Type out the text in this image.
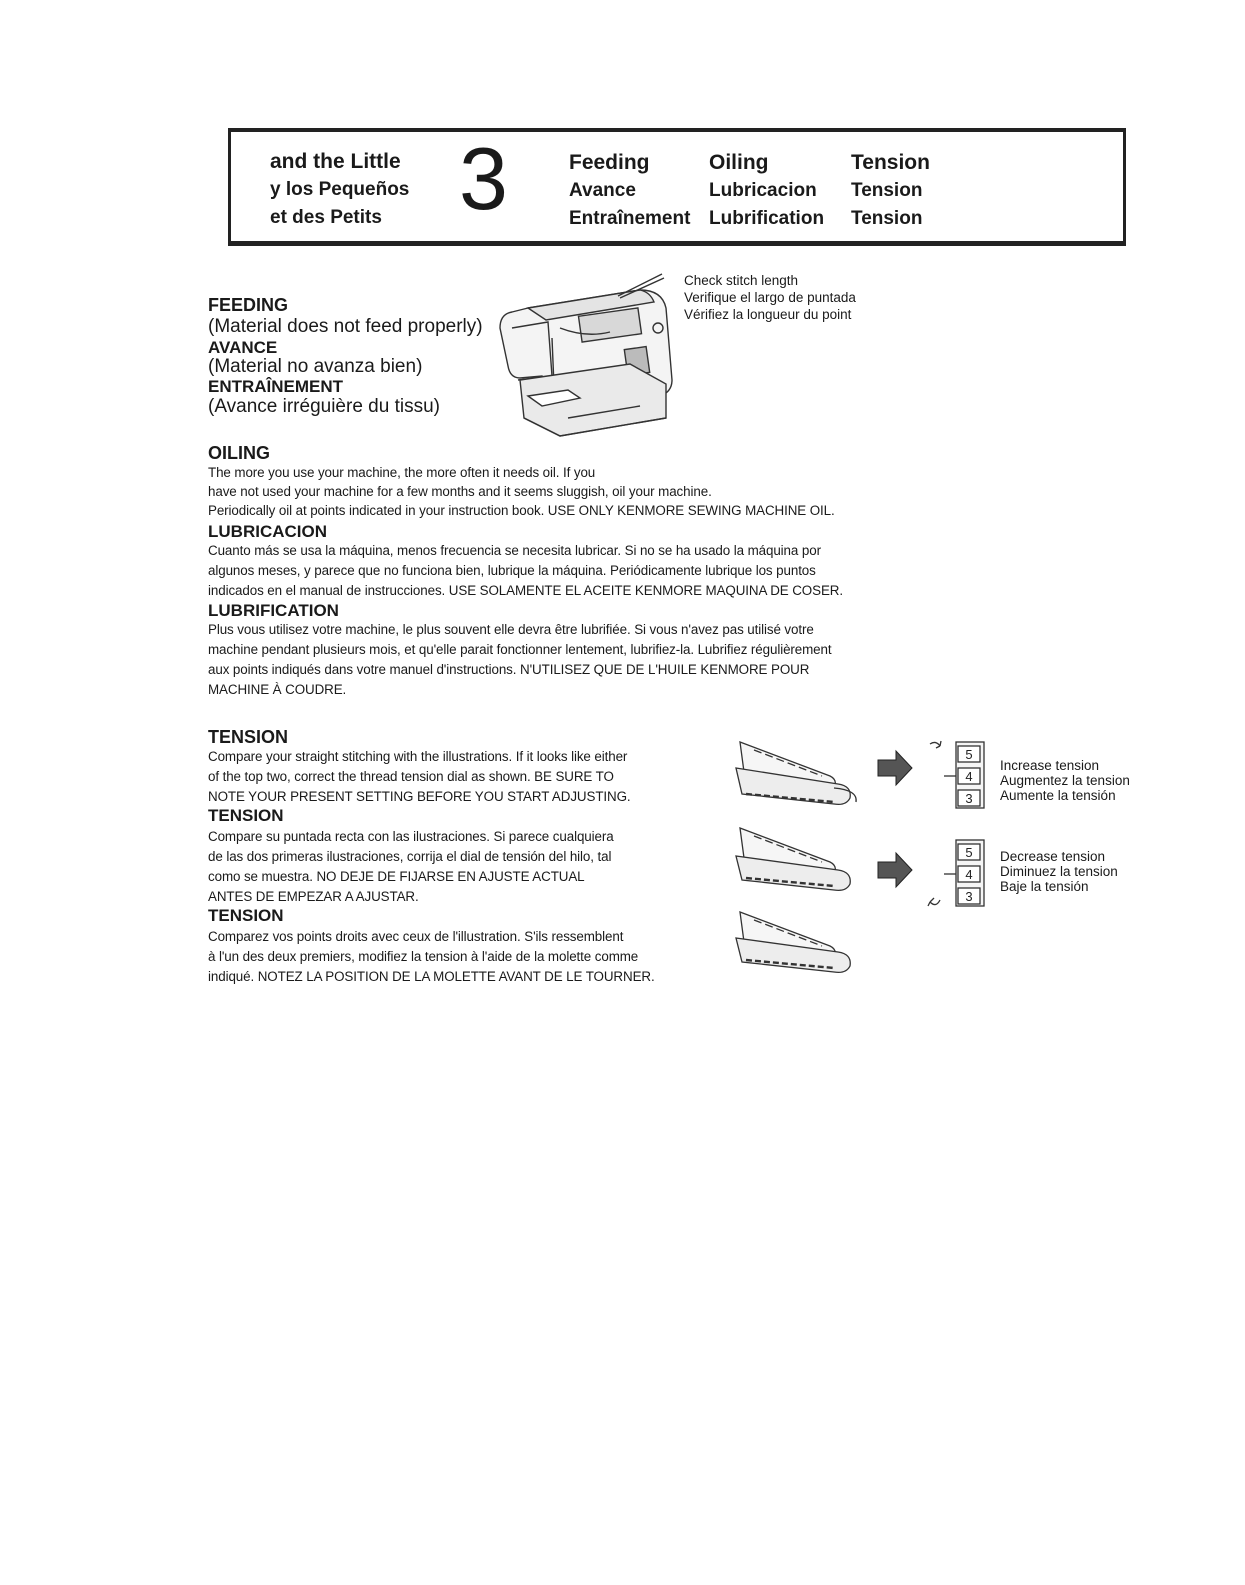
and the Little
y los Pequeños
et des Petits 3	Feeding
Avance
Entraînement
Oiling
Lubricacion
Lubrification
Tension
Tension
Tension
FEEDING
(Material does not feed properly)
AVANCE
(Material no avanza bien)
ENTRAÎNEMENT
(Avance irréguière du tissu)
Check stitch length
Verifique el largo de puntada
Vérifiez la longueur du point
OILING
The more you use your machine, the more often it needs oil. If you
have not used your machine for a few months and it seems sluggish, oil your machine.
Periodically oil at points indicated in your instruction book. USE ONLY KENMORE SEWING MACHINE OIL.
LUBRICACION
Cuanto más se usa la máquina, menos frecuencia se necesita lubricar. Si no se ha usado la máquina por
algunos meses, y parece que no funciona bien, lubrique la máquina. Periódicamente lubrique los puntos
indicados en el manual de instrucciones. USE SOLAMENTE EL ACEITE KENMORE MAQUINA DE COSER.
LUBRIFICATION
Plus vous utilisez votre machine, le plus souvent elle devra être lubrifiée. Si vous n'avez pas utilisé votre
machine pendant plusieurs mois, et qu'elle parait fonctionner lentement, lubrifiez-la. Lubrifiez régulièrement
aux points indiqués dans votre manuel d'instructions. N'UTILISEZ QUE DE L'HUILE KENMORE POUR
MACHINE À COUDRE.
TENSION
Compare your straight stitching with the illustrations. If it looks like either
of the top two, correct the thread tension dial as shown. BE SURE TO
NOTE YOUR PRESENT SETTING BEFORE YOU START ADJUSTING.
TENSION
Compare su puntada recta con las ilustraciones. Si parece cualquiera
de las dos primeras ilustraciones, corrija el dial de tensión del hilo, tal
como se muestra. NO DEJE DE FIJARSE EN AJUSTE ACTUAL
ANTES DE EMPEZAR A AJUSTAR.
TENSION
Comparez vos points droits avec ceux de l'illustration. S'ils ressemblent
à l'un des deux premiers, modifiez la tension à l'aide de la molette comme
indiqué. NOTEZ LA POSITION DE LA MOLETTE AVANT DE LE TOURNER.
5
4
3
5
4
3
Increase tension
Augmentez la tension
Aumente la tensión
Decrease tension
Diminuez la tension
Baje la tensión
